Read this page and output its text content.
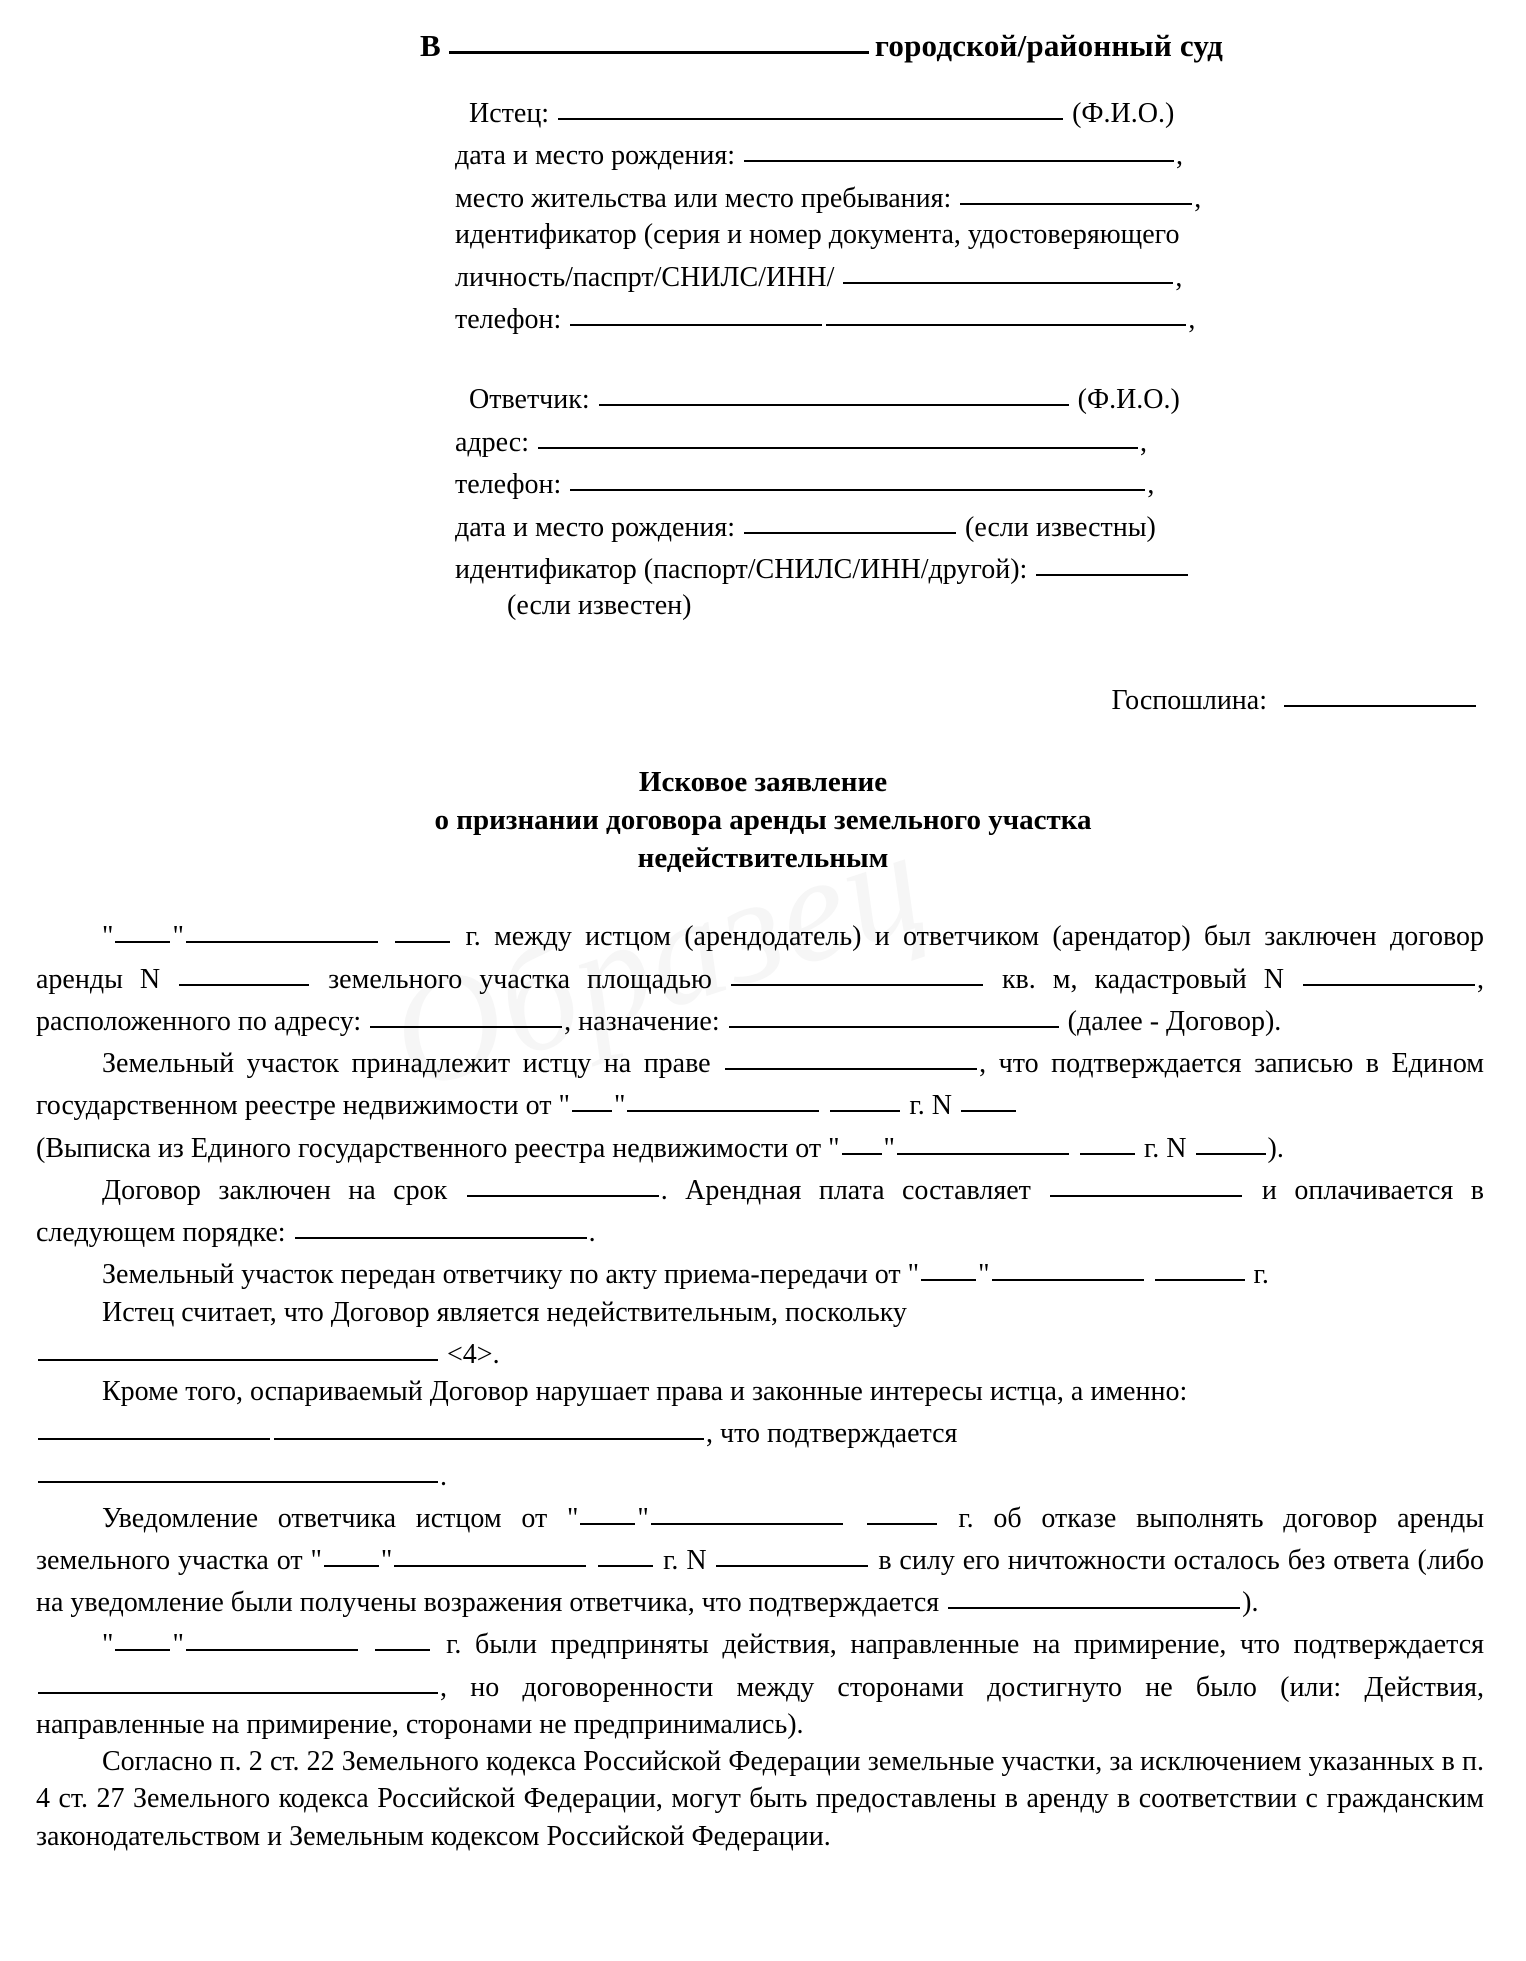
В	городской/районный суд
Истец:	(Ф.И.О.)
дата и место рождения:	,
место жительства или место пребывания:	,
идентификатор (серия и номер документа, удостоверяющего
личность/паспрт/СНИЛС/ИНН/	,
телефон:	,
Ответчик:	(Ф.И.О.)
адрес:	,
телефон:	,
дата и место рождения:	(если известны)
идентификатор (паспорт/СНИЛС/ИНН/другой):
(если известен)
Госпошлина:
Исковое заявление
о признании договора аренды земельного участка
недействительным

" "	г. между истцом (арендодатель) и ответчиком (арендатор) был заключен договор аренды N	земельного участка площадью	кв. м, кадастровый N	, расположенного по адресу:	, назначение:	(далее - Договор).

Земельный участок принадлежит истцу на праве	, что подтверждается записью в Едином государственном реестре недвижимости от " "	г. N

(Выписка из Единого государственного реестра недвижимости от " "	г. N	).

Договор заключен на срок	. Арендная плата составляет	и оплачивается в следующем порядке:	.

Земельный участок передан ответчику по акту приема-передачи от " "	г.

Истец считает, что Договор является недействительным, поскольку

<4>.

Кроме того, оспариваемый Договор нарушает права и законные интересы истца, а именно:

, что подтверждается

.

Уведомление ответчика истцом от " "	г. об отказе выполнять договор аренды земельного участка от " "	г. N	в силу его ничтожности осталось без ответа (либо на уведомление были получены возражения ответчика, что подтверждается	).

" "	г. были предприняты действия, направленные на примирение, что подтверждается , но договоренности между сторонами достигнуто не было (или: Действия, направленные на примирение, сторонами не предпринимались).

Согласно п. 2 ст. 22 Земельного кодекса Российской Федерации земельные участки, за исключением указанных в п. 4 ст. 27 Земельного кодекса Российской Федерации, могут быть предоставлены в аренду в соответствии с гражданским законодательством и Земельным кодексом Российской Федерации.
